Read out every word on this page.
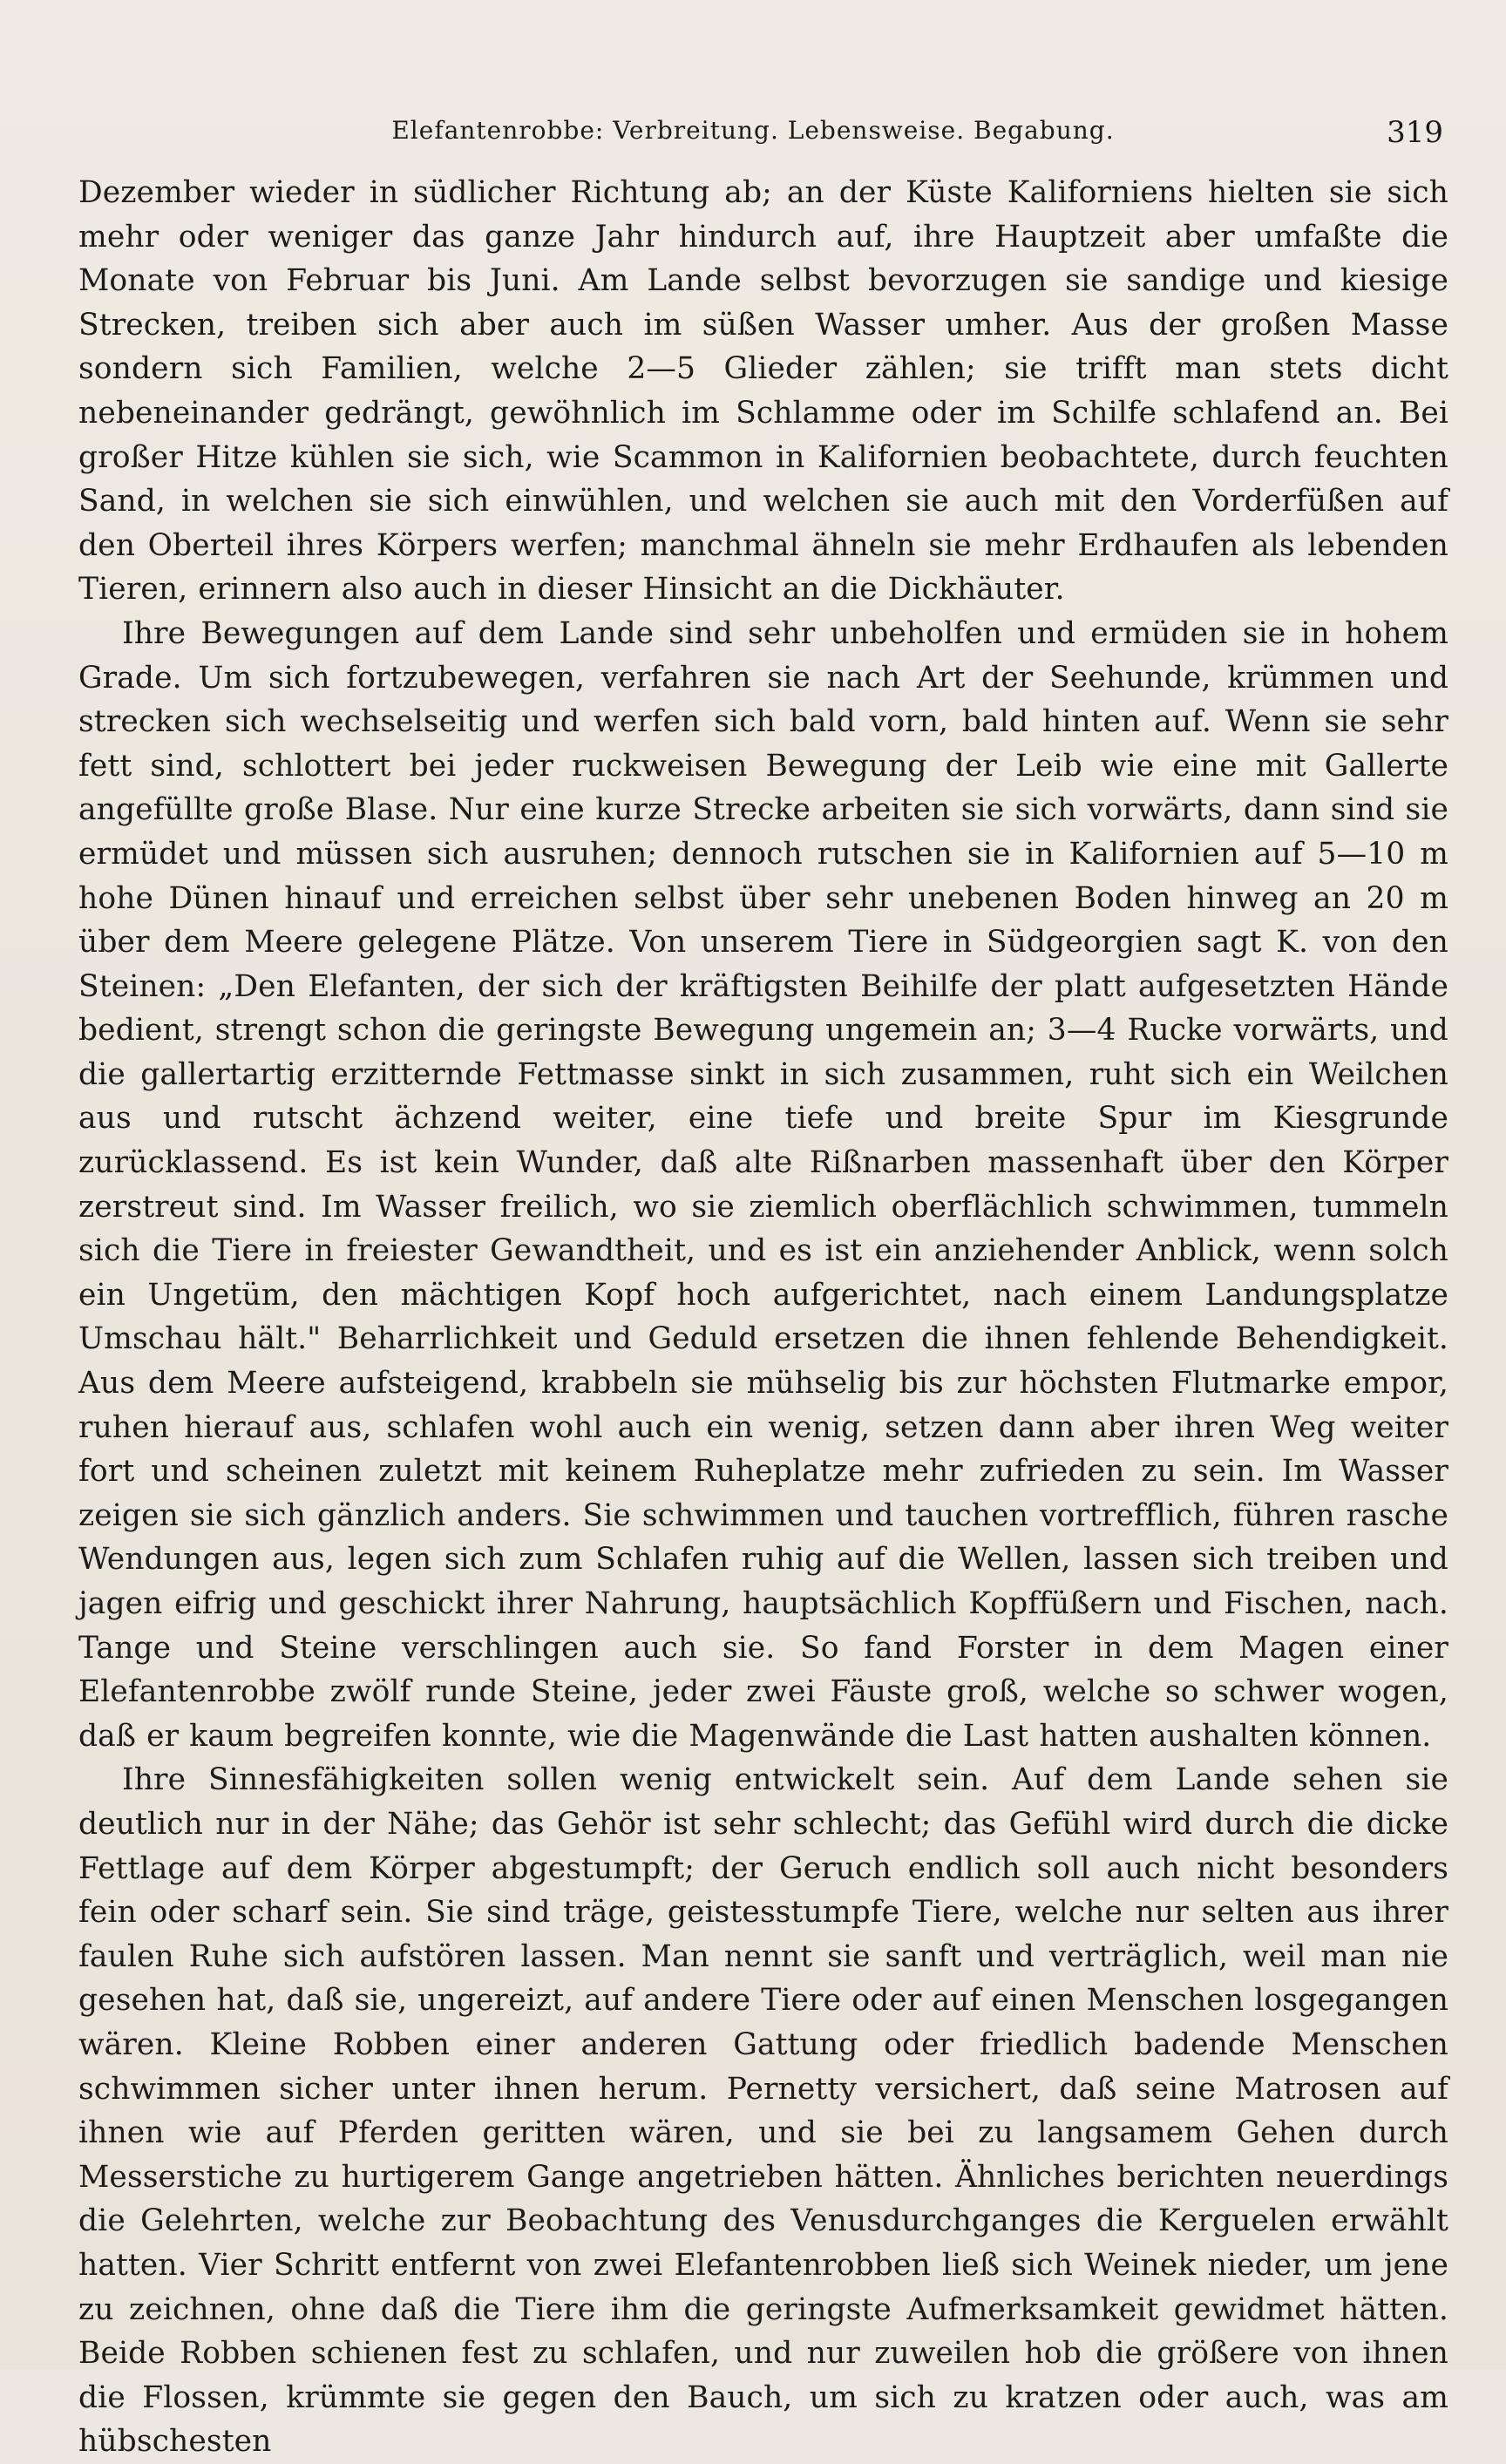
Elefantenrobbe: Verbreitung. Lebensweise. Begabung.	319

Dezember wieder in südlicher Richtung ab; an der Küste Kaliforniens hielten sie sich mehr oder weniger das ganze Jahr hindurch auf, ihre Hauptzeit aber umfaßte die Monate von Februar bis Juni. Am Lande selbst bevorzugen sie sandige und kiesige Strecken, treiben sich aber auch im süßen Wasser umher. Aus der großen Masse sondern sich Familien, welche 2—5 Glieder zählen; sie trifft man stets dicht nebeneinander gedrängt, gewöhnlich im Schlamme oder im Schilfe schlafend an. Bei großer Hitze kühlen sie sich, wie Scammon in Kalifornien beobachtete, durch feuchten Sand, in welchen sie sich einwühlen, und welchen sie auch mit den Vorderfüßen auf den Oberteil ihres Körpers werfen; manchmal ähneln sie mehr Erdhaufen als lebenden Tieren, erinnern also auch in dieser Hinsicht an die Dickhäuter.

Ihre Bewegungen auf dem Lande sind sehr unbeholfen und ermüden sie in hohem Grade. Um sich fortzubewegen, verfahren sie nach Art der Seehunde, krümmen und strecken sich wechselseitig und werfen sich bald vorn, bald hinten auf. Wenn sie sehr fett sind, schlottert bei jeder ruckweisen Bewegung der Leib wie eine mit Gallerte angefüllte große Blase. Nur eine kurze Strecke arbeiten sie sich vorwärts, dann sind sie ermüdet und müssen sich ausruhen; dennoch rutschen sie in Kalifornien auf 5—10 m hohe Dünen hinauf und erreichen selbst über sehr unebenen Boden hinweg an 20 m über dem Meere gelegene Plätze. Von unserem Tiere in Südgeorgien sagt K. von den Steinen: „Den Elefanten, der sich der kräftigsten Beihilfe der platt aufgesetzten Hände bedient, strengt schon die geringste Bewegung ungemein an; 3—4 Rucke vorwärts, und die gallertartig erzitternde Fettmasse sinkt in sich zusammen, ruht sich ein Weilchen aus und rutscht ächzend weiter, eine tiefe und breite Spur im Kiesgrunde zurücklassend. Es ist kein Wunder, daß alte Rißnarben massenhaft über den Körper zerstreut sind. Im Wasser freilich, wo sie ziemlich oberflächlich schwimmen, tummeln sich die Tiere in freiester Gewandtheit, und es ist ein anziehender Anblick, wenn solch ein Ungetüm, den mächtigen Kopf hoch aufgerichtet, nach einem Landungsplatze Umschau hält." Beharrlichkeit und Geduld ersetzen die ihnen fehlende Behendigkeit. Aus dem Meere aufsteigend, krabbeln sie mühselig bis zur höchsten Flutmarke empor, ruhen hierauf aus, schlafen wohl auch ein wenig, setzen dann aber ihren Weg weiter fort und scheinen zuletzt mit keinem Ruheplatze mehr zufrieden zu sein. Im Wasser zeigen sie sich gänzlich anders. Sie schwimmen und tauchen vortrefflich, führen rasche Wendungen aus, legen sich zum Schlafen ruhig auf die Wellen, lassen sich treiben und jagen eifrig und geschickt ihrer Nahrung, hauptsächlich Kopffüßern und Fischen, nach. Tange und Steine verschlingen auch sie. So fand Forster in dem Magen einer Elefantenrobbe zwölf runde Steine, jeder zwei Fäuste groß, welche so schwer wogen, daß er kaum begreifen konnte, wie die Magenwände die Last hatten aushalten können.

Ihre Sinnesfähigkeiten sollen wenig entwickelt sein. Auf dem Lande sehen sie deutlich nur in der Nähe; das Gehör ist sehr schlecht; das Gefühl wird durch die dicke Fettlage auf dem Körper abgestumpft; der Geruch endlich soll auch nicht besonders fein oder scharf sein. Sie sind träge, geistesstumpfe Tiere, welche nur selten aus ihrer faulen Ruhe sich aufstören lassen. Man nennt sie sanft und verträglich, weil man nie gesehen hat, daß sie, ungereizt, auf andere Tiere oder auf einen Menschen losgegangen wären. Kleine Robben einer anderen Gattung oder friedlich badende Menschen schwimmen sicher unter ihnen herum. Pernetty versichert, daß seine Matrosen auf ihnen wie auf Pferden geritten wären, und sie bei zu langsamem Gehen durch Messerstiche zu hurtigerem Gange angetrieben hätten. Ähnliches berichten neuerdings die Gelehrten, welche zur Beobachtung des Venusdurchganges die Kerguelen erwählt hatten. Vier Schritt entfernt von zwei Elefantenrobben ließ sich Weinek nieder, um jene zu zeichnen, ohne daß die Tiere ihm die geringste Aufmerksamkeit gewidmet hätten. Beide Robben schienen fest zu schlafen, und nur zuweilen hob die größere von ihnen die Flossen, krümmte sie gegen den Bauch, um sich zu kratzen oder auch, was am hübschesten
